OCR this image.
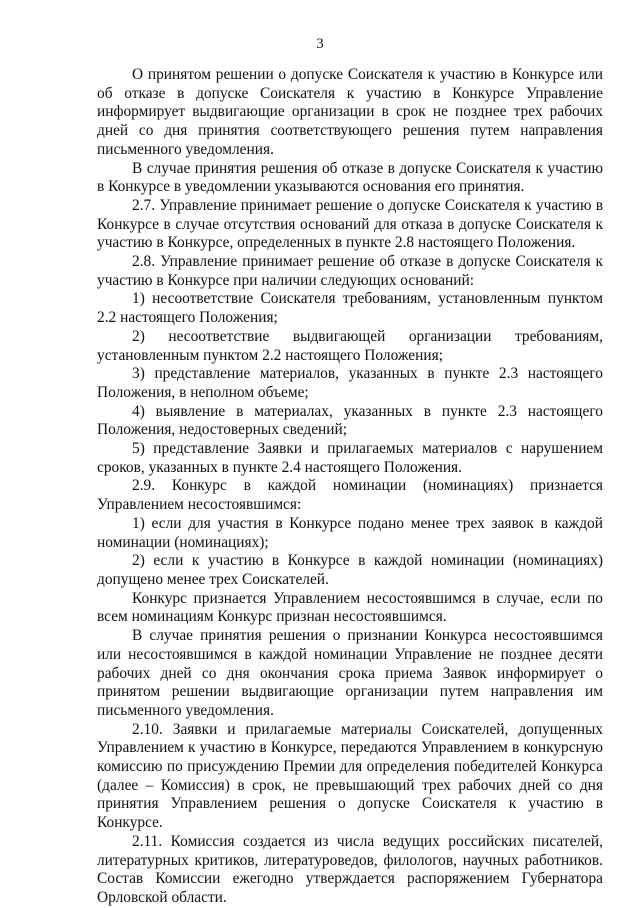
3

О принятом решении о допуске Соискателя к участию в Конкурсе или об отказе в допуске Соискателя к участию в Конкурсе Управление информирует выдвигающие организации в срок не позднее трех рабочих дней со дня принятия соответствующего решения путем направления письменного уведомления.

В случае принятия решения об отказе в допуске Соискателя к участию в Конкурсе в уведомлении указываются основания его принятия.

2.7. Управление принимает решение о допуске Соискателя к участию в Конкурсе в случае отсутствия оснований для отказа в допуске Соискателя к участию в Конкурсе, определенных в пункте 2.8 настоящего Положения.

2.8. Управление принимает решение об отказе в допуске Соискателя к участию в Конкурсе при наличии следующих оснований:

1) несоответствие Соискателя требованиям, установленным пунктом 2.2 настоящего Положения;

2) несоответствие выдвигающей организации требованиям, установленным пунктом 2.2 настоящего Положения;

3) представление материалов, указанных в пункте 2.3 настоящего Положения, в неполном объеме;

4) выявление в материалах, указанных в пункте 2.3 настоящего Положения, недостоверных сведений;

5) представление Заявки и прилагаемых материалов с нарушением сроков, указанных в пункте 2.4 настоящего Положения.

2.9. Конкурс в каждой номинации (номинациях) признается Управлением несостоявшимся:

1) если для участия в Конкурсе подано менее трех заявок в каждой номинации (номинациях);

2) если к участию в Конкурсе в каждой номинации (номинациях) допущено менее трех Соискателей.

Конкурс признается Управлением несостоявшимся в случае, если по всем номинациям Конкурс признан несостоявшимся.

В случае принятия решения о признании Конкурса несостоявшимся или несостоявшимся в каждой номинации Управление не позднее десяти рабочих дней со дня окончания срока приема Заявок информирует о принятом решении выдвигающие организации путем направления им письменного уведомления.

2.10. Заявки и прилагаемые материалы Соискателей, допущенных Управлением к участию в Конкурсе, передаются Управлением в конкурсную комиссию по присуждению Премии для определения победителей Конкурса (далее – Комиссия) в срок, не превышающий трех рабочих дней со дня принятия Управлением решения о допуске Соискателя к участию в Конкурсе.

2.11. Комиссия создается из числа ведущих российских писателей, литературных критиков, литературоведов, филологов, научных работников. Состав Комиссии ежегодно утверждается распоряжением Губернатора Орловской области.
